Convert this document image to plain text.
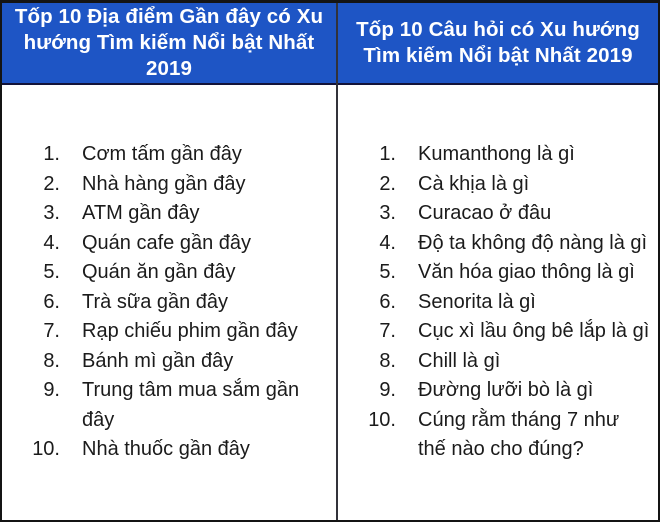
Tốp 10 Địa điểm Gần đây có Xu hướng Tìm kiếm Nổi bật Nhất 2019
1. Cơm tấm gần đây
2. Nhà hàng gần đây
3. ATM gần đây
4. Quán cafe gần đây
5. Quán ăn gần đây
6. Trà sữa gần đây
7. Rạp chiếu phim gần đây
8. Bánh mì gần đây
9. Trung tâm mua sắm gần đây
10. Nhà thuốc gần đây
Tốp 10 Câu hỏi có Xu hướng Tìm kiếm Nổi bật Nhất 2019
1. Kumanthong là gì
2. Cà khịa là gì
3. Curacao ở đâu
4. Độ ta không độ nàng là gì
5. Văn hóa giao thông là gì
6. Senorita là gì
7. Cục xì lầu ông bê lắp là gì
8. Chill là gì
9. Đường lưỡi bò là gì
10. Cúng rằm tháng 7 như thế nào cho đúng?
